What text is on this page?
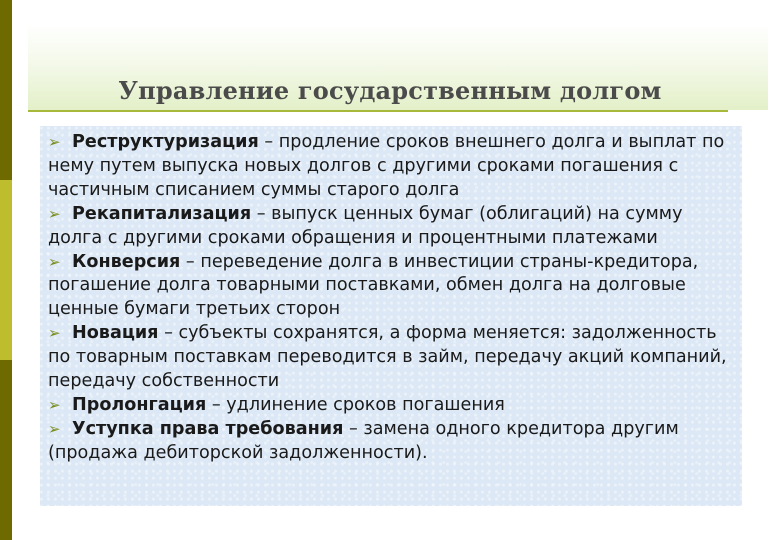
Управление государственным долгом

➢ Реструктуризация – продление сроков внешнего долга и выплат по нему путем выпуска новых долгов с другими сроками погашения с частичным списанием суммы старого долга

➢ Рекапитализация – выпуск ценных бумаг (облигаций) на сумму долга с другими сроками обращения и процентными платежами

➢ Конверсия – переведение долга в инвестиции страны-кредитора, погашение долга товарными поставками, обмен долга на долговые ценные бумаги третьих сторон

➢ Новация – субъекты сохранятся, а форма меняется: задолженность по товарным поставкам переводится в займ, передачу акций компаний, передачу собственности

➢ Пролонгация – удлинение сроков погашения

➢ Уступка права требования – замена одного кредитора другим (продажа дебиторской задолженности).
